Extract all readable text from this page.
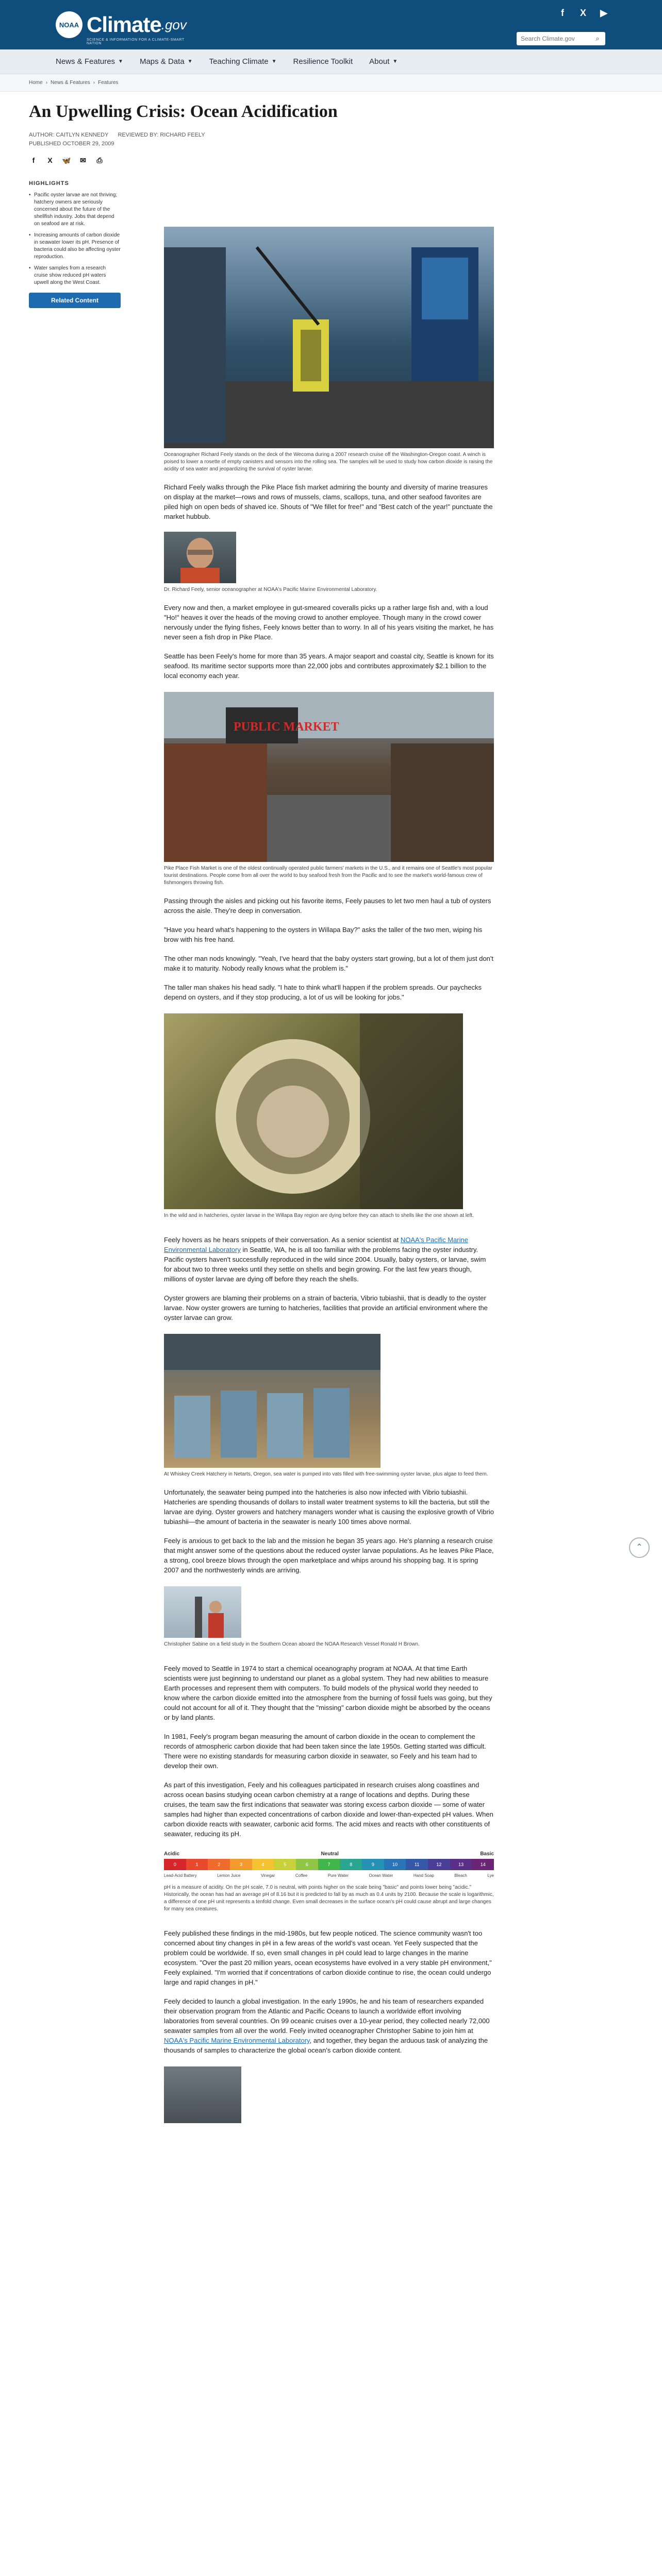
NOAA Climate .gov
SCIENCE & INFORMATION FOR A CLIMATE-SMART NATION
f	X ▶
Search Climate.gov
⌕
News & Features ▼ Maps & Data ▼ Teaching Climate ▼ Resilience Toolkit About ▼
Home › News & Features › Features
An Upwelling Crisis: Ocean Acidification
AUTHOR: CAITLYN KENNEDY REVIEWED BY: RICHARD FEELY
PUBLISHED OCTOBER 29, 2009
f	X	🦋 ✉ ⎙
HIGHLIGHTS
• Pacific oyster larvae are not thriving; hatchery owners are seriously concerned about the future of the shellfish industry. Jobs that depend on seafood are at risk.
• Increasing amounts of carbon dioxide in seawater lower its pH. Presence of bacteria could also be affecting oyster reproduction.
• Water samples from a research cruise show reduced pH waters upwell along the West Coast.
Related Content
Oceanographer Richard Feely stands on the deck of the Wecoma during a 2007 research cruise off the Washington-Oregon coast. A winch is poised to lower a rosette of empty canisters and sensors into the rolling sea. The samples will be used to study how carbon dioxide is raising the acidity of sea water and jeopardizing the survival of oyster larvae.

Richard Feely walks through the Pike Place fish market admiring the bounty and diversity of marine treasures on display at the market—rows and rows of mussels, clams, scallops, tuna, and other seafood favorites are piled high on open beds of shaved ice. Shouts of "We fillet for free!" and "Best catch of the year!" punctuate the market hubbub.

Dr. Richard Feely, senior oceanographer at NOAA's Pacific Marine Environmental Laboratory.

Every now and then, a market employee in gut-smeared coveralls picks up a rather large fish and, with a loud "Ho!" heaves it over the heads of the moving crowd to another employee. Though many in the crowd cower nervously under the flying fishes, Feely knows better than to worry. In all of his years visiting the market, he has never seen a fish drop in Pike Place.

Seattle has been Feely's home for more than 35 years. A major seaport and coastal city, Seattle is known for its seafood. Its maritime sector supports more than 22,000 jobs and contributes approximately $2.1 billion to the local economy each year.

PUBLIC MARKET
Pike Place Fish Market is one of the oldest continually operated public farmers' markets in the U.S., and it remains one of Seattle's most popular tourist destinations. People come from all over the world to buy seafood fresh from the Pacific and to see the market's world-famous crew of fishmongers throwing fish.

Passing through the aisles and picking out his favorite items, Feely pauses to let two men haul a tub of oysters across the aisle. They're deep in conversation.

"Have you heard what's happening to the oysters in Willapa Bay?" asks the taller of the two men, wiping his brow with his free hand.

The other man nods knowingly. "Yeah, I've heard that the baby oysters start growing, but a lot of them just don't make it to maturity. Nobody really knows what the problem is."

The taller man shakes his head sadly. "I hate to think what'll happen if the problem spreads. Our paychecks depend on oysters, and if they stop producing, a lot of us will be looking for jobs."

In the wild and in hatcheries, oyster larvae in the Willapa Bay region are dying before they can attach to shells like the one shown at left.

Feely hovers as he hears snippets of their conversation. As a senior scientist at NOAA's Pacific Marine Environmental Laboratory in Seattle, WA, he is all too familiar with the problems facing the oyster industry. Pacific oysters haven't successfully reproduced in the wild since 2004. Usually, baby oysters, or larvae, swim for about two to three weeks until they settle on shells and begin growing. For the last few years though, millions of oyster larvae are dying off before they reach the shells.

Oyster growers are blaming their problems on a strain of bacteria, Vibrio tubiashii, that is deadly to the oyster larvae. Now oyster growers are turning to hatcheries, facilities that provide an artificial environment where the oyster larvae can grow.

At Whiskey Creek Hatchery in Netarts, Oregon, sea water is pumped into vats filled with free-swimming oyster larvae, plus algae to feed them.

Unfortunately, the seawater being pumped into the hatcheries is also now infected with Vibrio tubiashii. Hatcheries are spending thousands of dollars to install water treatment systems to kill the bacteria, but still the larvae are dying. Oyster growers and hatchery managers wonder what is causing the explosive growth of Vibrio tubiashii—the amount of bacteria in the seawater is nearly 100 times above normal.

Feely is anxious to get back to the lab and the mission he began 35 years ago. He's planning a research cruise that might answer some of the questions about the reduced oyster larvae populations. As he leaves Pike Place, a strong, cool breeze blows through the open marketplace and whips around his shopping bag. It is spring 2007 and the northwesterly winds are arriving.

Christopher Sabine on a field study in the Southern Ocean aboard the NOAA Research Vessel Ronald H Brown.

Feely moved to Seattle in 1974 to start a chemical oceanography program at NOAA. At that time Earth scientists were just beginning to understand our planet as a global system. They had new abilities to measure Earth processes and represent them with computers. To build models of the physical world they needed to know where the carbon dioxide emitted into the atmosphere from the burning of fossil fuels was going, but they could not account for all of it. They thought that the "missing" carbon dioxide might be absorbed by the oceans or by land plants.

In 1981, Feely's program began measuring the amount of carbon dioxide in the ocean to complement the records of atmospheric carbon dioxide that had been taken since the late 1950s. Getting started was difficult. There were no existing standards for measuring carbon dioxide in seawater, so Feely and his team had to develop their own.

As part of this investigation, Feely and his colleagues participated in research cruises along coastlines and across ocean basins studying ocean carbon chemistry at a range of locations and depths. During these cruises, the team saw the first indications that seawater was storing excess carbon dioxide — some of water samples had higher than expected concentrations of carbon dioxide and lower-than-expected pH values. When carbon dioxide reacts with seawater, carbonic acid forms. The acid mixes and reacts with other constituents of seawater, reducing its pH.

Acidic	Neutral	Basic
0	1	2	3	4	5	6	7	8	9	10	11	12	13	14
Lead-Acid Battery	Lemon Juice	Vinegar	Coffee	Pure Water	Ocean Water	Hand Soap	Bleach	Lye
pH is a measure of acidity. On the pH scale, 7.0 is neutral, with points higher on the scale being "basic" and points lower being "acidic." Historically, the ocean has had an average pH of 8.16 but it is predicted to fall by as much as 0.4 units by 2100. Because the scale is logarithmic, a difference of one pH unit represents a tenfold change. Even small decreases in the surface ocean's pH could cause abrupt and large changes for many sea creatures.

Feely published these findings in the mid-1980s, but few people noticed. The science community wasn't too concerned about tiny changes in pH in a few areas of the world's vast ocean. Yet Feely suspected that the problem could be worldwide. If so, even small changes in pH could lead to large changes in the marine ecosystem. "Over the past 20 million years, ocean ecosystems have evolved in a very stable pH environment," Feely explained. "I'm worried that if concentrations of carbon dioxide continue to rise, the ocean could undergo large and rapid changes in pH."

Feely decided to launch a global investigation. In the early 1990s, he and his team of researchers expanded their observation program from the Atlantic and Pacific Oceans to launch a worldwide effort involving laboratories from several countries. On 99 oceanic cruises over a 10-year period, they collected nearly 72,000 seawater samples from all over the world. Feely invited oceanographer Christopher Sabine to join him at NOAA's Pacific Marine Environmental Laboratory, and together, they began the arduous task of analyzing the thousands of samples to characterize the global ocean's carbon dioxide content.

⌃
